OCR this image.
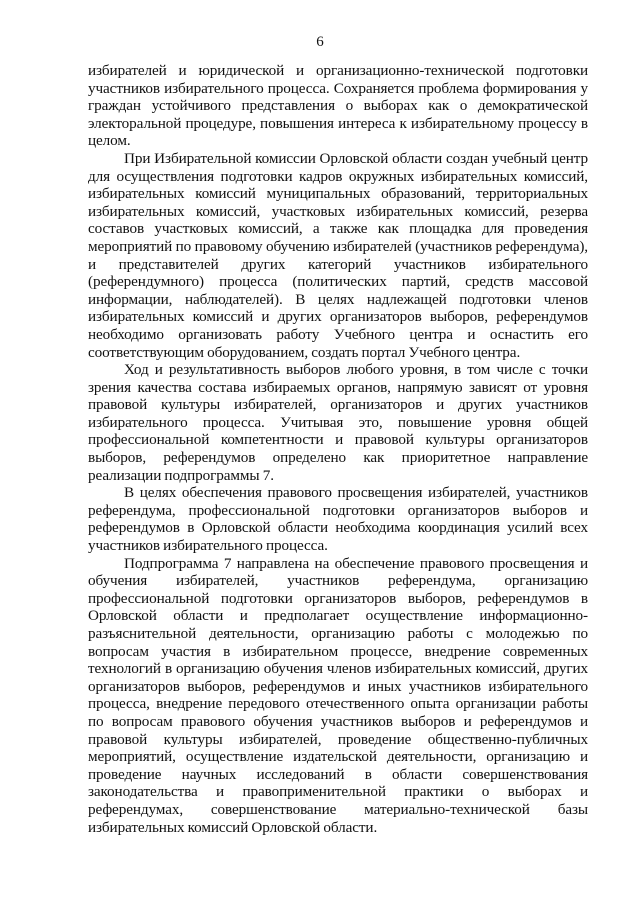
6

избирателей и юридической и организационно-технической подготовки участников избирательного процесса. Сохраняется проблема формирования у граждан устойчивого представления о выборах как о демократической электоральной процедуре, повышения интереса к избирательному процессу в целом.

При Избирательной комиссии Орловской области создан учебный центр для осуществления подготовки кадров окружных избирательных комиссий, избирательных комиссий муниципальных образований, территориальных избирательных комиссий, участковых избирательных комиссий, резерва составов участковых комиссий, а также как площадка для проведения мероприятий по правовому обучению избирателей (участников референдума), и представителей других категорий участников избирательного (референдумного) процесса (политических партий, средств массовой информации, наблюдателей). В целях надлежащей подготовки членов избирательных комиссий и других организаторов выборов, референдумов необходимо организовать работу Учебного центра и оснастить его соответствующим оборудованием, создать портал Учебного центра.

Ход и результативность выборов любого уровня, в том числе с точки зрения качества состава избираемых органов, напрямую зависят от уровня правовой культуры избирателей, организаторов и других участников избирательного процесса. Учитывая это, повышение уровня общей профессиональной компетентности и правовой культуры организаторов выборов, референдумов определено как приоритетное направление реализации подпрограммы 7.

В целях обеспечения правового просвещения избирателей, участников референдума, профессиональной подготовки организаторов выборов и референдумов в Орловской области необходима координация усилий всех участников избирательного процесса.

Подпрограмма 7 направлена на обеспечение правового просвещения и обучения избирателей, участников референдума, организацию профессиональной подготовки организаторов выборов, референдумов в Орловской области и предполагает осуществление информационно-разъяснительной деятельности, организацию работы с молодежью по вопросам участия в избирательном процессе, внедрение современных технологий в организацию обучения членов избирательных комиссий, других организаторов выборов, референдумов и иных участников избирательного процесса, внедрение передового отечественного опыта организации работы по вопросам правового обучения участников выборов и референдумов и правовой культуры избирателей, проведение общественно-публичных мероприятий, осуществление издательской деятельности, организацию и проведение научных исследований в области совершенствования законодательства и правоприменительной практики о выборах и референдумах, совершенствование материально-технической базы избирательных комиссий Орловской области.
